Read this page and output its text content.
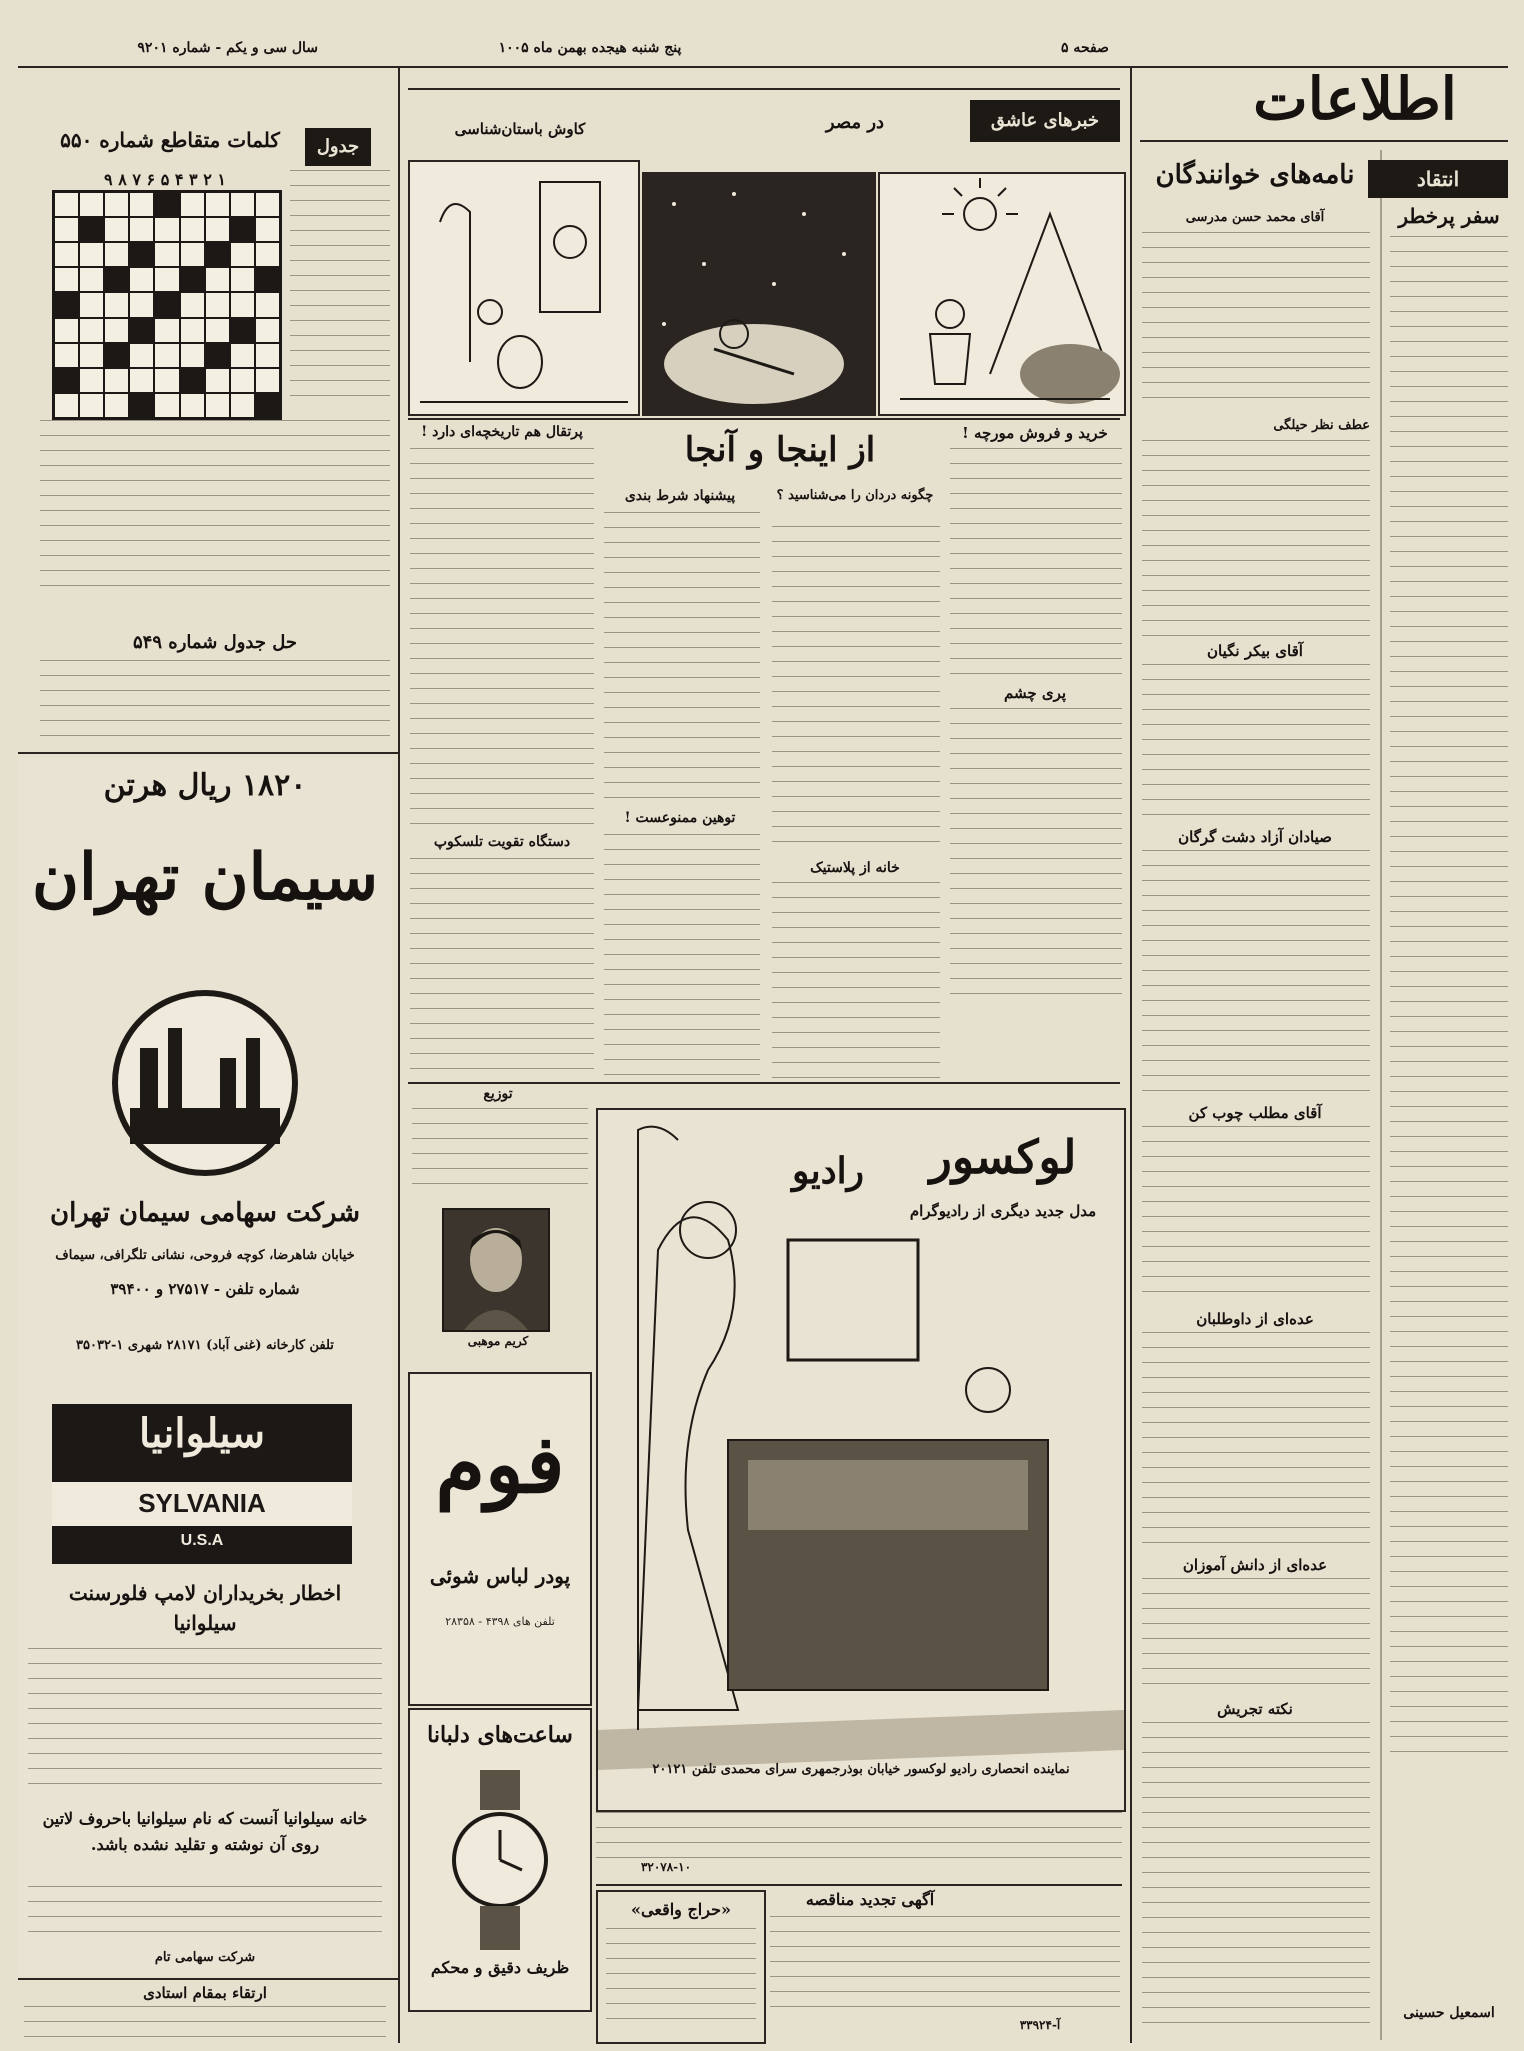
سال سی و یکم - شماره ۹۲۰۱	پنج شنبه هیجده بهمن ماه ۱۰۰۵	صفحه ۵
اطلاعات
انتقاد
سفر پرخطر
اسمعیل حسینی
نامه‌های خوانندگان
آقای محمد حسن مدرسی
عطف نظر حیلگی
آقای بیکر نگیان
صیادان آزاد دشت گرگان
آقای مطلب چوب کن
عده‌ای از داوطلبان
عده‌ای از دانش آموزان
نکته تجریش
خبرهای عاشق
در مصر
کاوش باستان‌شناسی
خرید و فروش مورچه !
پری چشم
از اینجا و آنجا
چگونه دردان را می‌شناسید ؟
خانه از پلاستیک
پیشنهاد شرط بندی
توهین ممنوعست !
پرتقال هم تاریخچه‌ای دارد !
دستگاه تقویت تلسکوپ
توزیع
کریم موهبی
لوکسور
رادیو
مدل جدید دیگری از رادیوگرام
نماینده انحصاری رادیو لوکسور خیابان بوذرجمهری سرای محمدی تلفن ۲۰۱۲۱
۳۲۰۷۸-۱۰
فوم
پودر لباس شوئی
تلفن های ۴۳۹۸ - ۲۸۳۵۸
ساعت‌های دلبانا
ظریف دقیق و محکم
آگهی تجدید مناقصه
آ-۳۳۹۲۴
«حراج واقعی»
جدول
کلمات متقاطع شماره ۵۵۰
۹ ۸ ۷ ۶ ۵ ۴ ۳ ۲ ۱
حل جدول شماره ۵۴۹
۱۸۲۰ ریال هرتن
سیمان تهران
شرکت سهامی سیمان تهران
خیابان شاهرضا، کوچه فروحی، نشانی تلگرافی، سیماف
شماره تلفن - ۲۷۵۱۷ و ۳۹۴۰۰
تلفن کارخانه (غنی آباد) ۲۸۱۷۱ شهری ۱-۳۵۰۳۲
سیلوانیا
SYLVANIA
U.S.A
اخطار بخریداران لامپ فلورسنت سیلوانیا
خانه سیلوانیا آنست که نام سیلوانیا باحروف لاتین روی آن نوشته و تقلید نشده باشد.
شرکت سهامی تام
ارتقاء بمقام استادی
